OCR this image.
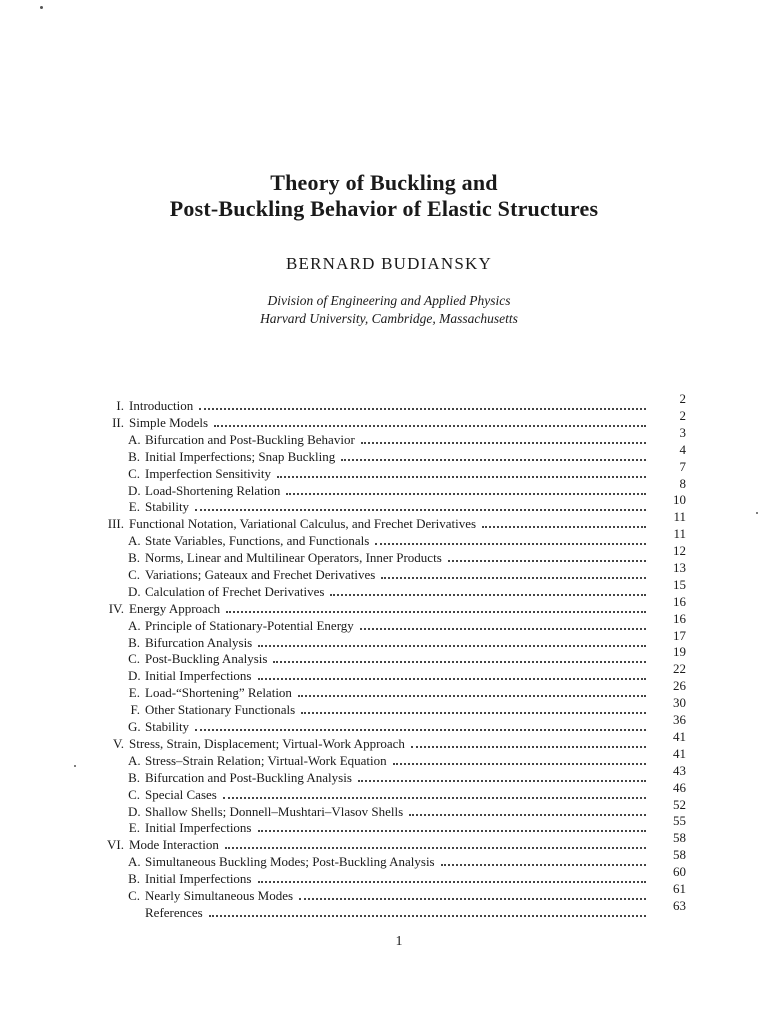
Theory of Buckling and
Post-Buckling Behavior of Elastic Structures
BERNARD BUDIANSKY
Division of Engineering and Applied Physics
Harvard University, Cambridge, Massachusetts
I. Introduction	2
II. Simple Models	2
A. Bifurcation and Post-Buckling Behavior	3
B. Initial Imperfections; Snap Buckling	4
C. Imperfection Sensitivity	7
D. Load-Shortening Relation	8
E. Stability	10
III. Functional Notation, Variational Calculus, and Frechet Derivatives	11
A. State Variables, Functions, and Functionals	11
B. Norms, Linear and Multilinear Operators, Inner Products	12
C. Variations; Gateaux and Frechet Derivatives	13
D. Calculation of Frechet Derivatives	15
IV. Energy Approach	16
A. Principle of Stationary-Potential Energy	16
B. Bifurcation Analysis	17
C. Post-Buckling Analysis	19
D. Initial Imperfections	22
E. Load-“Shortening” Relation	26
F. Other Stationary Functionals	30
G. Stability	36
V. Stress, Strain, Displacement; Virtual-Work Approach	41
A. Stress–Strain Relation; Virtual-Work Equation	41
B. Bifurcation and Post-Buckling Analysis	43
C. Special Cases	46
D. Shallow Shells; Donnell–Mushtari–Vlasov Shells	52
E. Initial Imperfections	55
VI. Mode Interaction	58
A. Simultaneous Buckling Modes; Post-Buckling Analysis	58
B. Initial Imperfections	60
C. Nearly Simultaneous Modes	61
References	63
1
